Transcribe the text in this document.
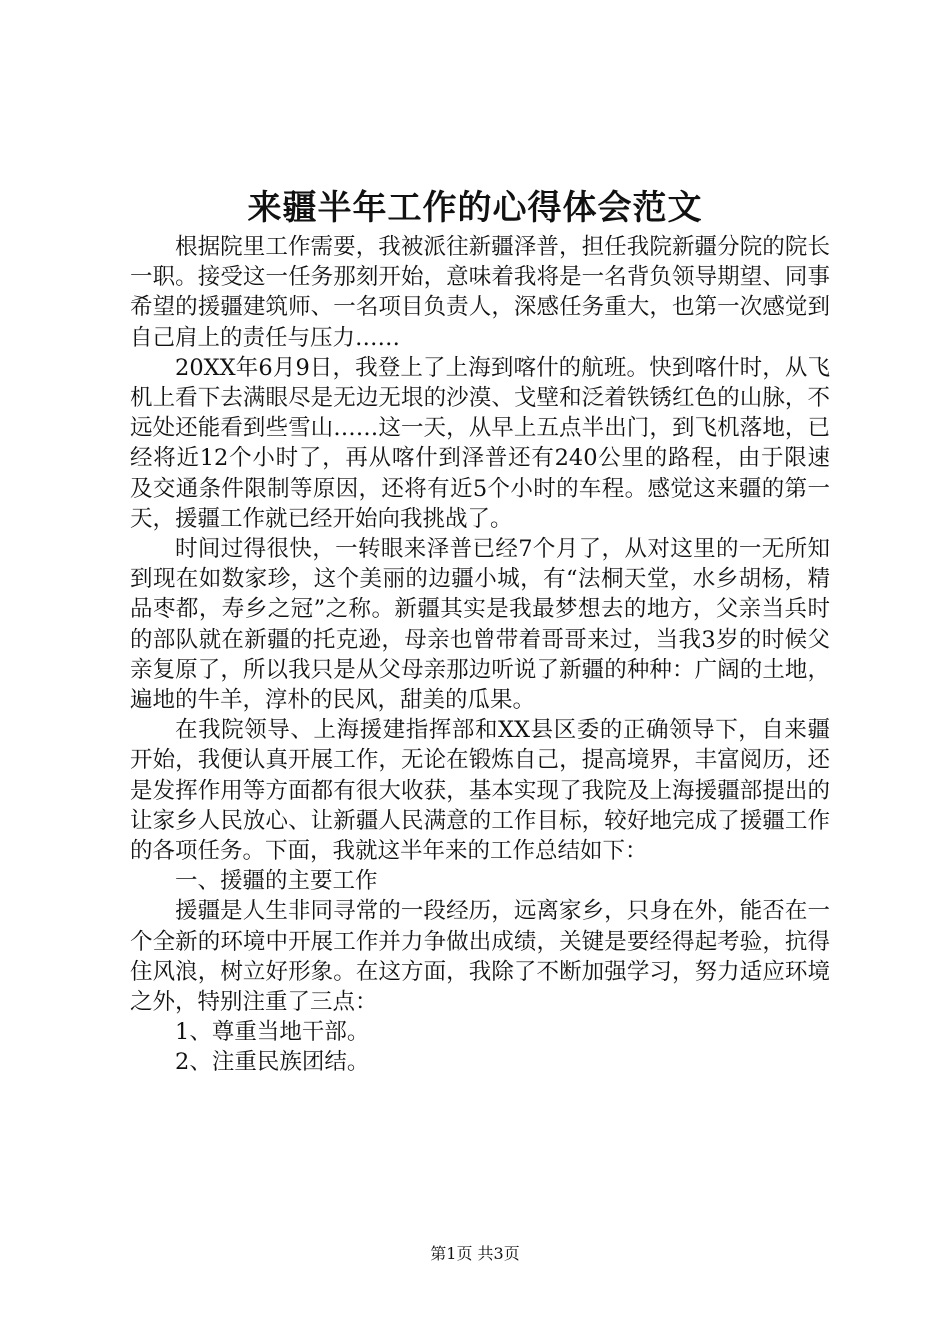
来疆半年工作的心得体会范文

根据院里工作需要，我被派往新疆泽普，担任我院新疆分院的院长一职。接受这一任务那刻开始，意味着我将是一名背负领导期望、同事希望的援疆建筑师、一名项目负责人，深感任务重大，也第一次感觉到自己肩上的责任与压力……

20XX年6月9日，我登上了上海到喀什的航班。快到喀什时，从飞机上看下去满眼尽是无边无垠的沙漠、戈壁和泛着铁锈红色的山脉，不远处还能看到些雪山……这一天，从早上五点半出门，到飞机落地，已经将近12个小时了，再从喀什到泽普还有240公里的路程，由于限速及交通条件限制等原因，还将有近5个小时的车程。感觉这来疆的第一天，援疆工作就已经开始向我挑战了。

时间过得很快，一转眼来泽普已经7个月了，从对这里的一无所知到现在如数家珍，这个美丽的边疆小城，有“法桐天堂，水乡胡杨，精品枣都，寿乡之冠”之称。新疆其实是我最梦想去的地方，父亲当兵时的部队就在新疆的托克逊，母亲也曾带着哥哥来过，当我3岁的时候父亲复原了，所以我只是从父母亲那边听说了新疆的种种：广阔的土地，遍地的牛羊，淳朴的民风，甜美的瓜果。

在我院领导、上海援建指挥部和XX县区委的正确领导下，自来疆开始，我便认真开展工作，无论在锻炼自己，提高境界，丰富阅历，还是发挥作用等方面都有很大收获，基本实现了我院及上海援疆部提出的让家乡人民放心、让新疆人民满意的工作目标，较好地完成了援疆工作的各项任务。下面，我就这半年来的工作总结如下：

一、援疆的主要工作

援疆是人生非同寻常的一段经历，远离家乡，只身在外，能否在一个全新的环境中开展工作并力争做出成绩，关键是要经得起考验，抗得住风浪，树立好形象。在这方面，我除了不断加强学习，努力适应环境之外，特别注重了三点：

1、尊重当地干部。

2、注重民族团结。

第1页 共3页
